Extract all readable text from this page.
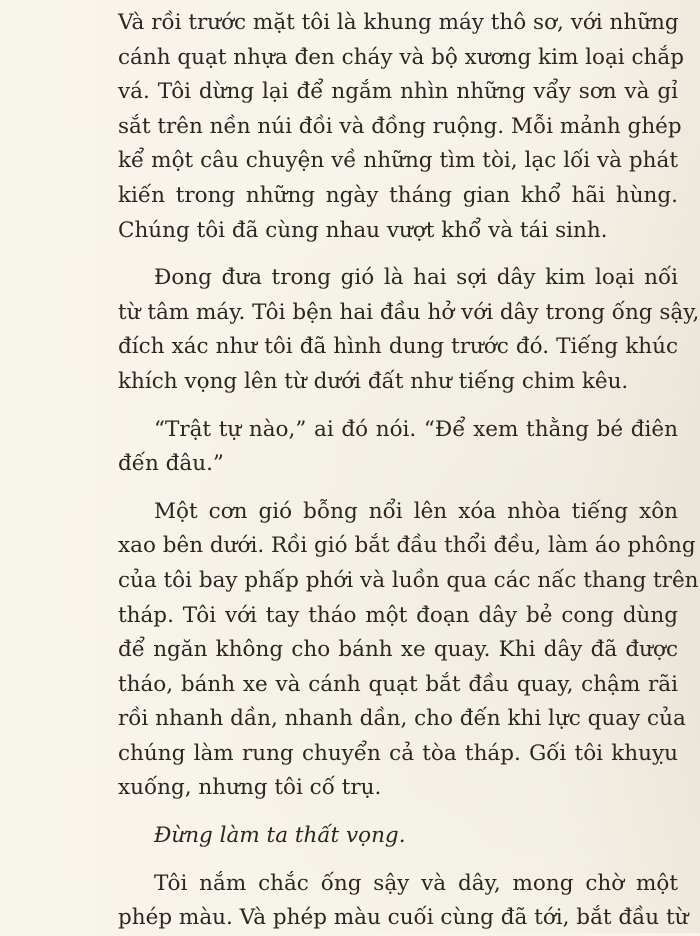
Và rồi trước mặt tôi là khung máy thô sơ, với những
cánh quạt nhựa đen cháy và bộ xương kim loại chắp
vá. Tôi dừng lại để ngắm nhìn những vẩy sơn và gỉ
sắt trên nền núi đồi và đồng ruộng. Mỗi mảnh ghép
kể một câu chuyện về những tìm tòi, lạc lối và phát
kiến trong những ngày tháng gian khổ hãi hùng.
Chúng tôi đã cùng nhau vượt khổ và tái sinh.

Đong đưa trong gió là hai sợi dây kim loại nối
từ tâm máy. Tôi bện hai đầu hở với dây trong ống sậy,
đích xác như tôi đã hình dung trước đó. Tiếng khúc
khích vọng lên từ dưới đất như tiếng chim kêu.

“Trật tự nào,” ai đó nói. “Để xem thằng bé điên
đến đâu.”

Một cơn gió bỗng nổi lên xóa nhòa tiếng xôn
xao bên dưới. Rồi gió bắt đầu thổi đều, làm áo phông
của tôi bay phấp phới và luồn qua các nấc thang trên
tháp. Tôi với tay tháo một đoạn dây bẻ cong dùng
để ngăn không cho bánh xe quay. Khi dây đã được
tháo, bánh xe và cánh quạt bắt đầu quay, chậm rãi
rồi nhanh dần, nhanh dần, cho đến khi lực quay của
chúng làm rung chuyển cả tòa tháp. Gối tôi khuỵu
xuống, nhưng tôi cố trụ.

Đừng làm ta thất vọng.

Tôi nắm chắc ống sậy và dây, mong chờ một
phép màu. Và phép màu cuối cùng đã tới, bắt đầu từ
